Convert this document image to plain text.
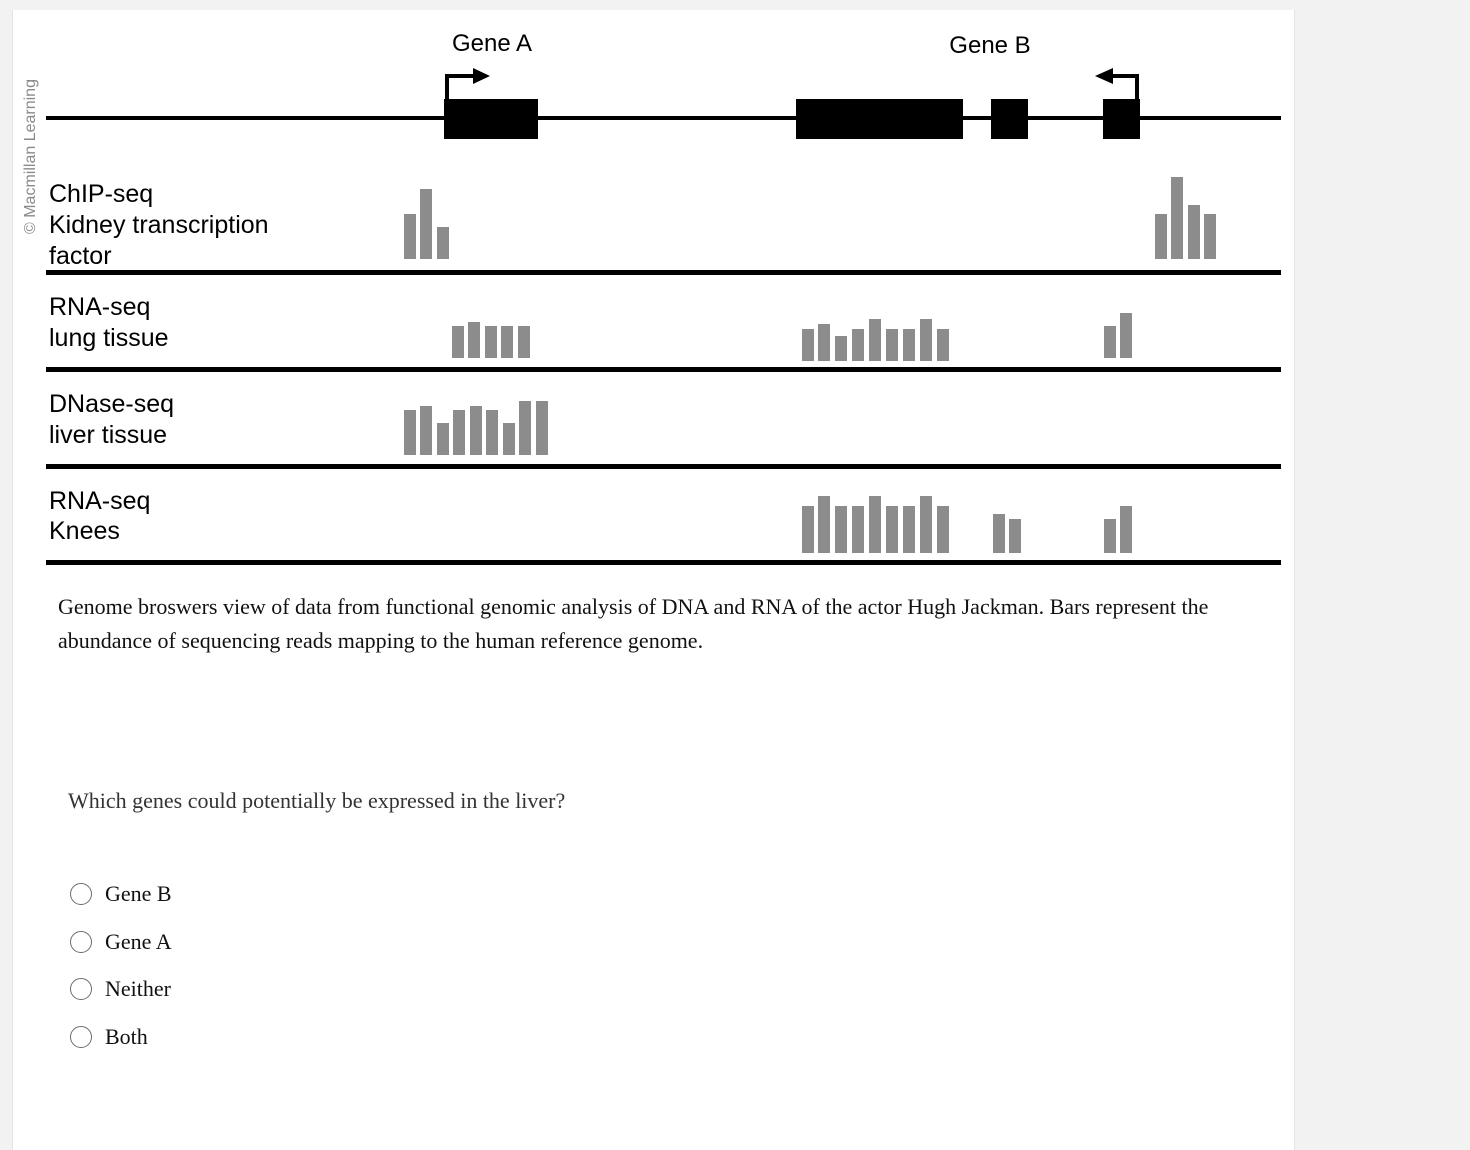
© Macmillan Learning
Gene A	Gene B
ChIP-seq
Kidney transcription
factor
RNA-seq
lung tissue
DNase-seq
liver tissue
RNA-seq
Knees
Genome broswers view of data from functional genomic analysis of DNA and RNA of the actor Hugh Jackman. Bars represent the abundance of sequencing reads mapping to the human reference genome.
Which genes could potentially be expressed in the liver?
Gene B
Gene A
Neither
Both
